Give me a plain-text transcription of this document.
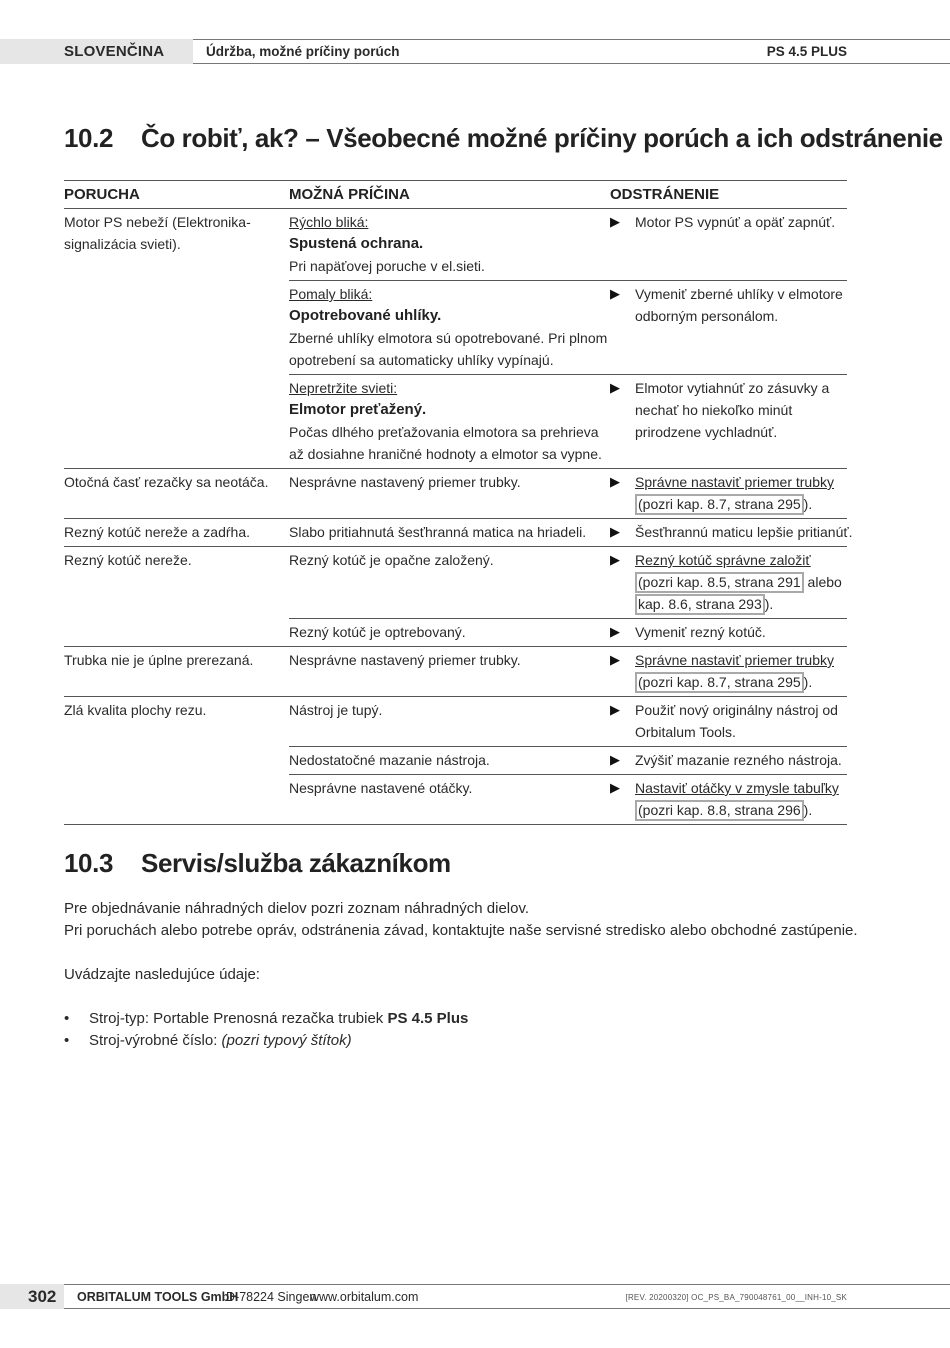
SLOVENČINA	Údržba, možné príčiny porúch	PS 4.5 PLUS
10.2 Čo robiť, ak? – Všeobecné možné príčiny porúch a ich odstránenie
PORUCHA	MOŽNÁ PRÍČINA	ODSTRÁNENIE
Motor PS nebeží (Elektronika-signalizácia svieti).	Rýchlo bliká:
Spustená ochrana.
Pri napäťovej poruche v el.sieti.	▶ Motor PS vypnúť a opäť zapnúť.

	Pomaly bliká:
Opotrebované uhlíky.
Zberné uhlíky elmotora sú opotrebované. Pri plnom opotrebení sa automaticky uhlíky vypínajú.	▶ Vymeniť zberné uhlíky v elmotore odborným personálom.

	Nepretržite svieti:
Elmotor preťažený.
Počas dlhého preťažovania elmotora sa prehrieva až dosiahne hraničné hodnoty a elmotor sa vypne.	▶ Elmotor vytiahnúť zo zásuvky a nechať ho niekoľko minút prirodzene vychladnúť.

Otočná časť rezačky sa neotáča.	Nesprávne nastavený priemer trubky.	▶ Správne nastaviť priemer trubky
(pozri kap. 8.7, strana 295 ).

Rezný kotúč nereže a zadŕha.	Slabo pritiahnutá šesťhranná matica na hriadeli.	▶ Šesťhrannú maticu lepšie pritianúť.

Rezný kotúč nereže.	Rezný kotúč je opačne založený.	▶ Rezný kotúč správne založiť
(pozri kap. 8.5, strana 291 alebo
kap. 8.6, strana 293 ).

	Rezný kotúč je optrebovaný.	▶ Vymeniť rezný kotúč.

Trubka nie je úplne prerezaná.	Nesprávne nastavený priemer trubky.	▶ Správne nastaviť priemer trubky
(pozri kap. 8.7, strana 295 ).

Zlá kvalita plochy rezu.	Nástroj je tupý.	▶ Použiť nový originálny nástroj od Orbitalum Tools.

	Nedostatočné mazanie nástroja.	▶ Zvýšiť mazanie rezného nástroja.

	Nesprávne nastavené otáčky.	▶ Nastaviť otáčky v zmysle tabuľky
(pozri kap. 8.8, strana 296 ).
10.3 Servis/služba zákazníkom

Pre objednávanie náhradných dielov pozri zoznam náhradných dielov.

Pri poruchách alebo potrebe opráv, odstránenia závad, kontaktujte naše servisné stredisko alebo obchodné zastúpenie.

Uvádzajte nasledujúce údaje:

• Stroj-typ: Portable Prenosná rezačka trubiek PS 4.5 Plus
• Stroj-výrobné číslo: (pozri typový štítok)
302	ORBITALUM TOOLS GmbH
D-78224 Singen
www.orbitalum.com	[REV. 20200320] OC_PS_BA_790048761_00__INH-10_SK
